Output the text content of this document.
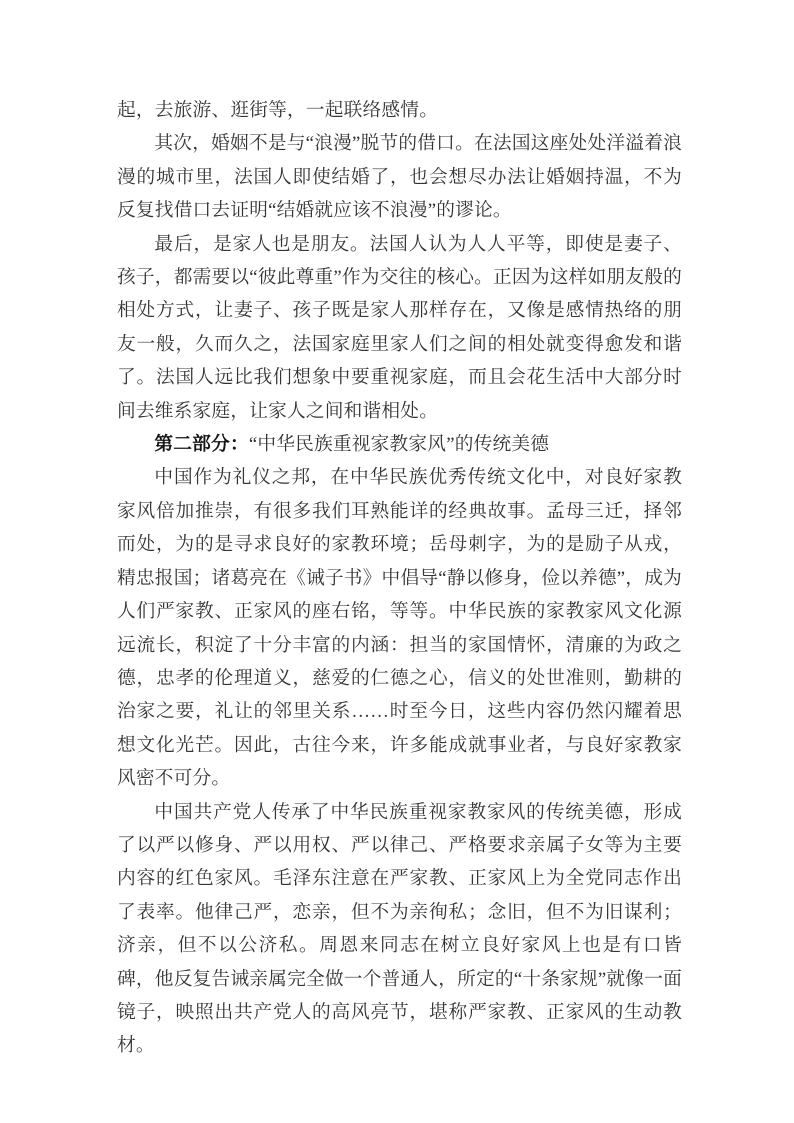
起，去旅游、逛街等，一起联络感情。

其次，婚姻不是与“浪漫”脱节的借口。在法国这座处处洋溢着浪漫的城市里，法国人即使结婚了，也会想尽办法让婚姻持温，不为反复找借口去证明“结婚就应该不浪漫”的谬论。

最后，是家人也是朋友。法国人认为人人平等，即使是妻子、孩子，都需要以“彼此尊重”作为交往的核心。正因为这样如朋友般的相处方式，让妻子、孩子既是家人那样存在，又像是感情热络的朋友一般，久而久之，法国家庭里家人们之间的相处就变得愈发和谐了。法国人远比我们想象中要重视家庭，而且会花生活中大部分时间去维系家庭，让家人之间和谐相处。

第二部分：“中华民族重视家教家风”的传统美德

中国作为礼仪之邦，在中华民族优秀传统文化中，对良好家教家风倍加推崇，有很多我们耳熟能详的经典故事。孟母三迁，择邻而处，为的是寻求良好的家教环境；岳母刺字，为的是励子从戎，精忠报国；诸葛亮在《诫子书》中倡导“静以修身，俭以养德”，成为人们严家教、正家风的座右铭，等等。中华民族的家教家风文化源远流长，积淀了十分丰富的内涵：担当的家国情怀，清廉的为政之德，忠孝的伦理道义，慈爱的仁德之心，信义的处世准则，勤耕的治家之要，礼让的邻里关系……时至今日，这些内容仍然闪耀着思想文化光芒。因此，古往今来，许多能成就事业者，与良好家教家风密不可分。

中国共产党人传承了中华民族重视家教家风的传统美德，形成了以严以修身、严以用权、严以律己、严格要求亲属子女等为主要内容的红色家风。毛泽东注意在严家教、正家风上为全党同志作出了表率。他律己严，恋亲，但不为亲徇私；念旧，但不为旧谋利；济亲，但不以公济私。周恩来同志在树立良好家风上也是有口皆碑，他反复告诫亲属完全做一个普通人，所定的“十条家规”就像一面镜子，映照出共产党人的高风亮节，堪称严家教、正家风的生动教材。
